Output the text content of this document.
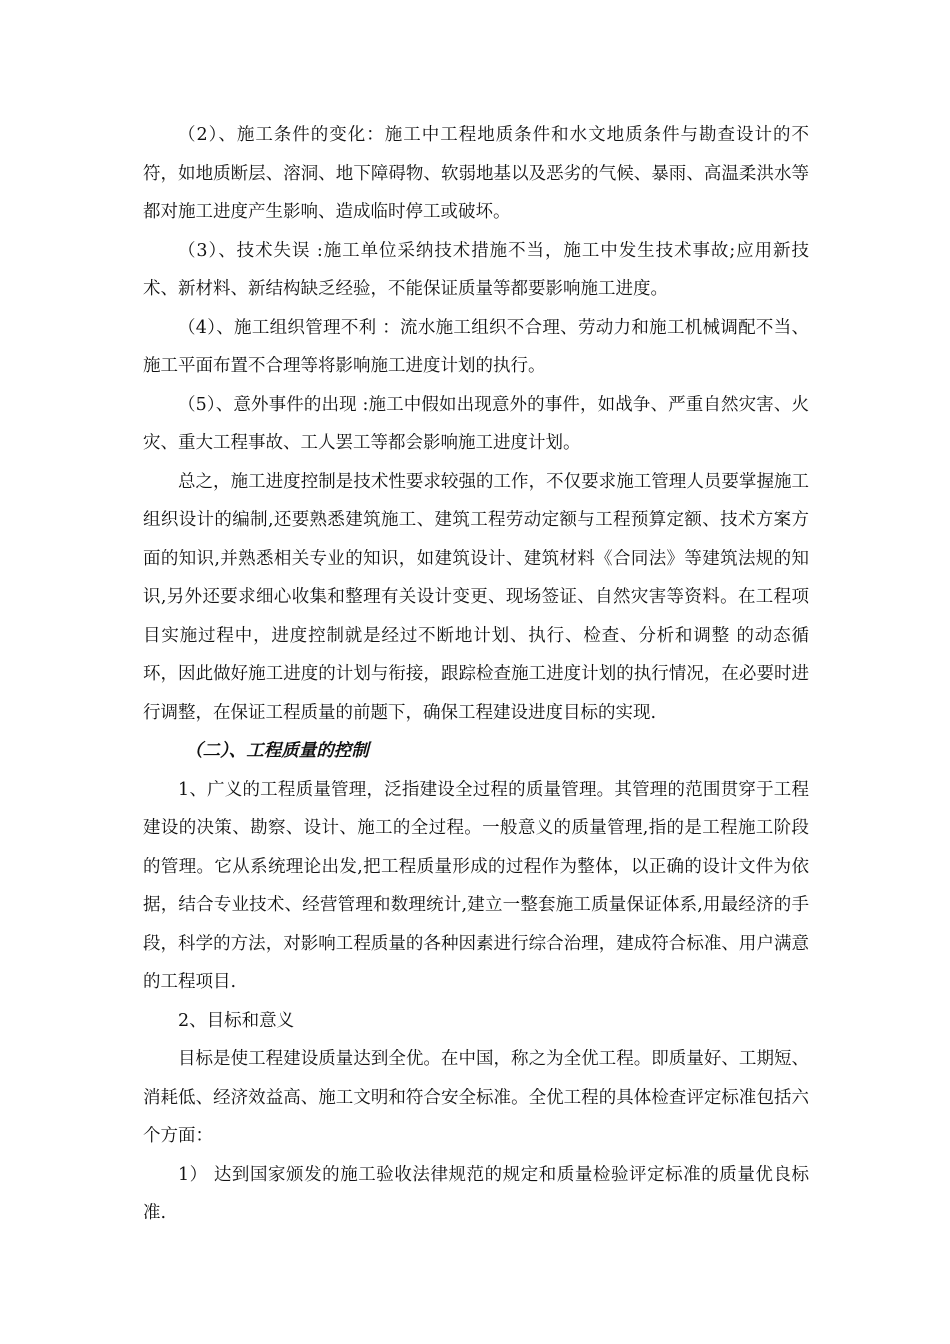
（2）、施工条件的变化：施工中工程地质条件和水文地质条件与勘查设计的不符，如地质断层、溶洞、地下障碍物、软弱地基以及恶劣的气候、暴雨、高温柔洪水等都对施工进度产生影响、造成临时停工或破坏。

（3）、技术失误 :施工单位采纳技术措施不当，施工中发生技术事故;应用新技术、新材料、新结构缺乏经验，不能保证质量等都要影响施工进度。

（4）、施工组织管理不利 ：流水施工组织不合理、劳动力和施工机械调配不当、施工平面布置不合理等将影响施工进度计划的执行。

（5）、意外事件的出现 :施工中假如出现意外的事件，如战争、严重自然灾害、火灾、重大工程事故、工人罢工等都会影响施工进度计划。

总之，施工进度控制是技术性要求较强的工作，不仅要求施工管理人员要掌握施工组织设计的编制,还要熟悉建筑施工、建筑工程劳动定额与工程预算定额、技术方案方面的知识,并熟悉相关专业的知识，如建筑设计、建筑材料《合同法》等建筑法规的知识,另外还要求细心收集和整理有关设计变更、现场签证、自然灾害等资料。在工程项目实施过程中，进度控制就是经过不断地计划、执行、检查、分析和调整 的动态循环，因此做好施工进度的计划与衔接，跟踪检查施工进度计划的执行情况，在必要时进行调整，在保证工程质量的前题下，确保工程建设进度目标的实现.

（二）、工程质量的控制

1、广义的工程质量管理，泛指建设全过程的质量管理。其管理的范围贯穿于工程建设的决策、勘察、设计、施工的全过程。一般意义的质量管理,指的是工程施工阶段的管理。它从系统理论出发,把工程质量形成的过程作为整体，以正确的设计文件为依据，结合专业技术、经营管理和数理统计,建立一整套施工质量保证体系,用最经济的手段，科学的方法，对影响工程质量的各种因素进行综合治理，建成符合标准、用户满意的工程项目.

2、目标和意义

目标是使工程建设质量达到全优。在中国，称之为全优工程。即质量好、工期短、消耗低、经济效益高、施工文明和符合安全标准。全优工程的具体检查评定标准包括六个方面：

1） 达到国家颁发的施工验收法律规范的规定和质量检验评定标准的质量优良标准.
